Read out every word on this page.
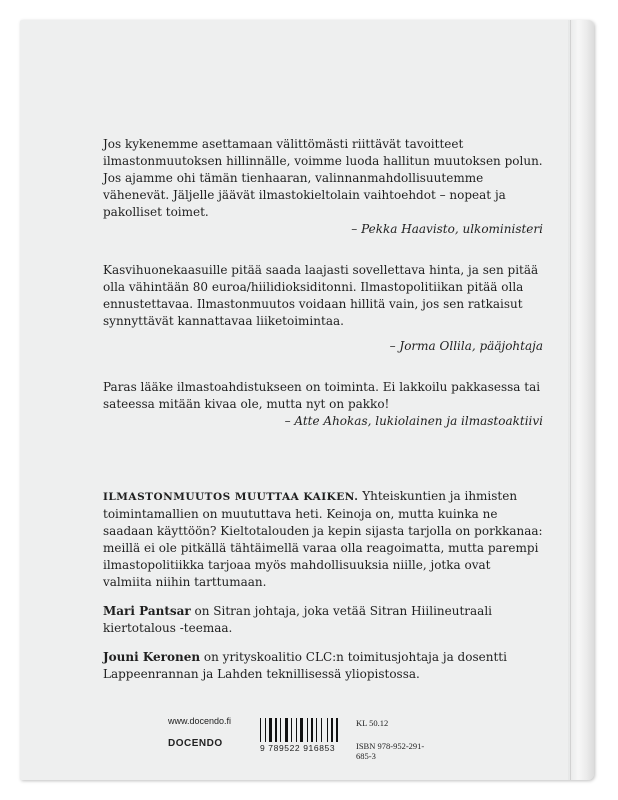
Jos kykenemme asettamaan välittömästi riittävät tavoitteet ilmastonmuutoksen hillinnälle, voimme luoda hallitun muutoksen polun. Jos ajamme ohi tämän tienhaaran, valinnanmahdollisuutemme vähenevät. Jäljelle jäävät ilmastokieltolain vaihtoehdot – nopeat ja pakolliset toimet.

– Pekka Haavisto, ulkoministeri

Kasvihuonekaasuille pitää saada laajasti sovellettava hinta, ja sen pitää olla vähintään 80 euroa/hiilidioksiditonni. Ilmastopolitiikan pitää olla ennustettavaa. Ilmastonmuutos voidaan hillitä vain, jos sen ratkaisut synnyttävät kannattavaa liiketoimintaa.

– Jorma Ollila, pääjohtaja

Paras lääke ilmastoahdistukseen on toiminta. Ei lakkoilu pakkasessa tai sateessa mitään kivaa ole, mutta nyt on pakko!

– Atte Ahokas, lukiolainen ja ilmastoaktiivi

ILMASTONMUUTOS MUUTTAA KAIKEN. Yhteiskuntien ja ihmisten toimintamallien on muututtava heti. Keinoja on, mutta kuinka ne saadaan käyttöön? Kieltotalouden ja kepin sijasta tarjolla on porkkanaa: meillä ei ole pitkällä tähtäimellä varaa olla reagoimatta, mutta parempi ilmastopolitiikka tarjoaa myös mahdollisuuksia niille, jotka ovat valmiita niihin tarttumaan.

Mari Pantsar on Sitran johtaja, joka vetää Sitran Hiilineutraali kiertotalous -teemaa.

Jouni Keronen on yrityskoalitio CLC:n toimitusjohtaja ja dosentti Lappeenrannan ja Lahden teknillisessä yliopistossa.

www.docendo.fi
DOCENDO	9 789522 916853
KL 50.12
ISBN 978-952-291-685-3
